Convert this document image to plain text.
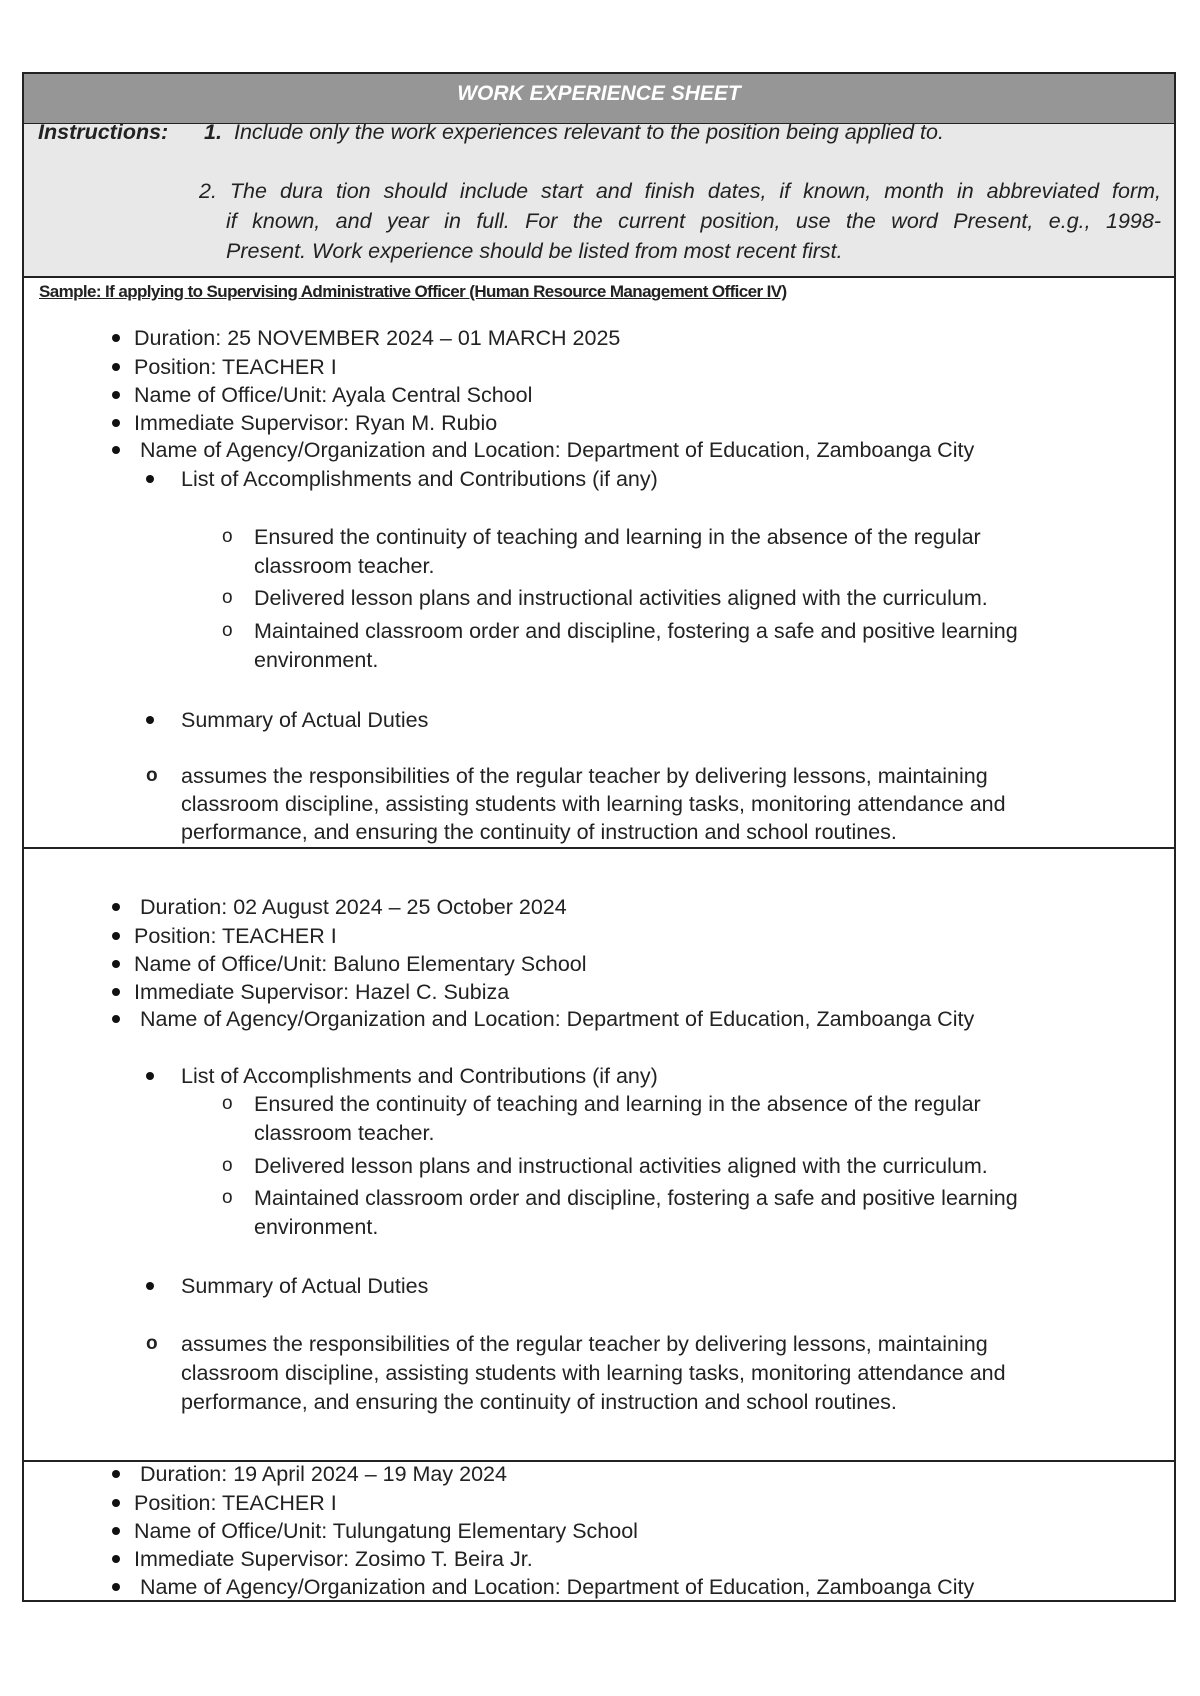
WORK EXPERIENCE SHEET
Instructions: 1. Include only the work experiences relevant to the position being applied to.
2. The dura tion should include start and finish dates, if known, month in abbreviated form,
if known, and year in full. For the current position, use the word Present, e.g., 1998-
Present. Work experience should be listed from most recent first.
Sample: If applying to Supervising Administrative Officer (Human Resource Management Officer IV)
Duration: 25 NOVEMBER 2024 – 01 MARCH 2025
Position: TEACHER I
Name of Office/Unit: Ayala Central School
Immediate Supervisor: Ryan M. Rubio
Name of Agency/Organization and Location: Department of Education, Zamboanga City
List of Accomplishments and Contributions (if any)
o Ensured the continuity of teaching and learning in the absence of the regular
classroom teacher.
o Delivered lesson plans and instructional activities aligned with the curriculum.
o Maintained classroom order and discipline, fostering a safe and positive learning
environment.
Summary of Actual Duties
o assumes the responsibilities of the regular teacher by delivering lessons, maintaining
classroom discipline, assisting students with learning tasks, monitoring attendance and
performance, and ensuring the continuity of instruction and school routines.
Duration: 02 August 2024 – 25 October 2024
Position: TEACHER I
Name of Office/Unit: Baluno Elementary School
Immediate Supervisor: Hazel C. Subiza
Name of Agency/Organization and Location: Department of Education, Zamboanga City
List of Accomplishments and Contributions (if any)
o Ensured the continuity of teaching and learning in the absence of the regular
classroom teacher.
o Delivered lesson plans and instructional activities aligned with the curriculum.
o Maintained classroom order and discipline, fostering a safe and positive learning
environment.
Summary of Actual Duties
o assumes the responsibilities of the regular teacher by delivering lessons, maintaining
classroom discipline, assisting students with learning tasks, monitoring attendance and
performance, and ensuring the continuity of instruction and school routines.
Duration: 19 April 2024 – 19 May 2024
Position: TEACHER I
Name of Office/Unit: Tulungatung Elementary School
Immediate Supervisor: Zosimo T. Beira Jr.
Name of Agency/Organization and Location: Department of Education, Zamboanga City
